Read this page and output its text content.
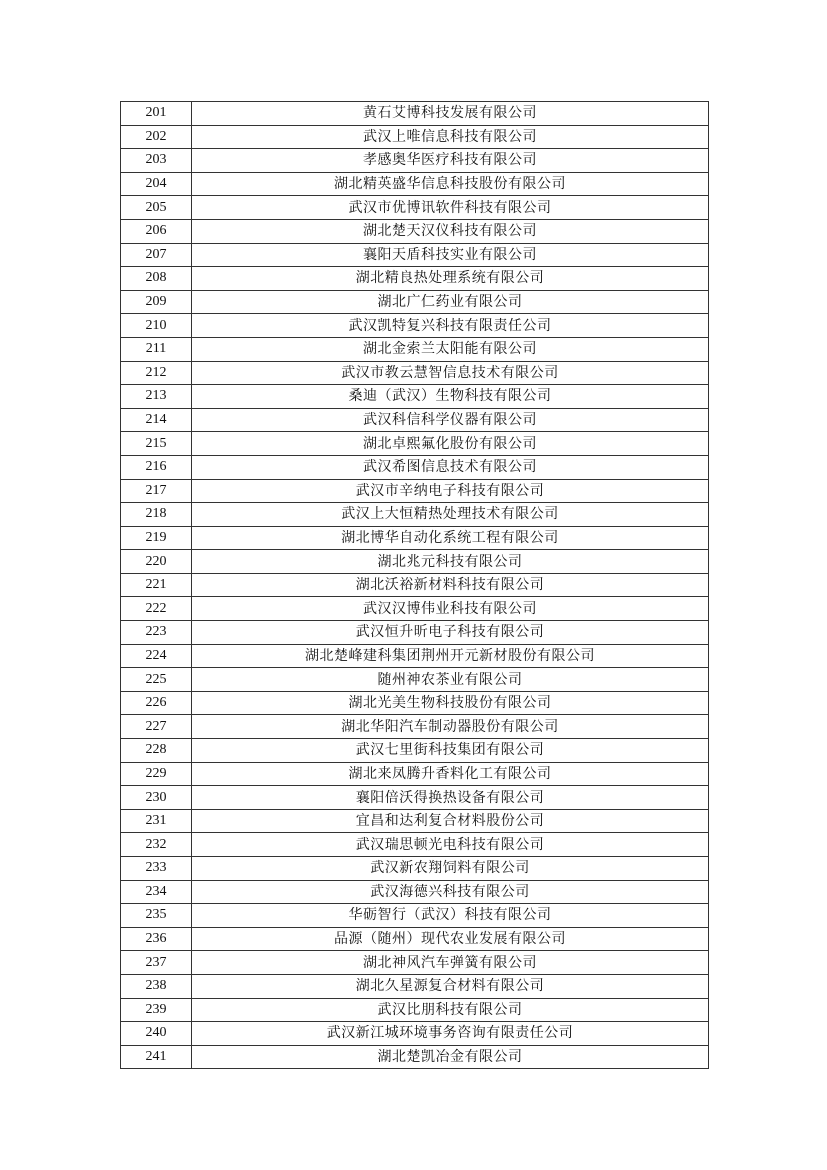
201	黄石艾博科技发展有限公司
202	武汉上唯信息科技有限公司
203	孝感奥华医疗科技有限公司
204	湖北精英盛华信息科技股份有限公司
205	武汉市优博讯软件科技有限公司
206	湖北楚天汉仪科技有限公司
207	襄阳天盾科技实业有限公司
208	湖北精良热处理系统有限公司
209	湖北广仁药业有限公司
210	武汉凯特复兴科技有限责任公司
211	湖北金索兰太阳能有限公司
212	武汉市教云慧智信息技术有限公司
213	桑迪（武汉）生物科技有限公司
214	武汉科信科学仪器有限公司
215	湖北卓熙氟化股份有限公司
216	武汉希图信息技术有限公司
217	武汉市辛纳电子科技有限公司
218	武汉上大恒精热处理技术有限公司
219	湖北博华自动化系统工程有限公司
220	湖北兆元科技有限公司
221	湖北沃裕新材料科技有限公司
222	武汉汉博伟业科技有限公司
223	武汉恒升昕电子科技有限公司
224	湖北楚峰建科集团荆州开元新材股份有限公司
225	随州神农茶业有限公司
226	湖北光美生物科技股份有限公司
227	湖北华阳汽车制动器股份有限公司
228	武汉七里街科技集团有限公司
229	湖北来凤腾升香料化工有限公司
230	襄阳倍沃得换热设备有限公司
231	宜昌和达利复合材料股份公司
232	武汉瑞思顿光电科技有限公司
233	武汉新农翔饲料有限公司
234	武汉海德兴科技有限公司
235	华砺智行（武汉）科技有限公司
236	品源（随州）现代农业发展有限公司
237	湖北神风汽车弹簧有限公司
238	湖北久星源复合材料有限公司
239	武汉比朋科技有限公司
240	武汉新江城环境事务咨询有限责任公司
241	湖北楚凯冶金有限公司
